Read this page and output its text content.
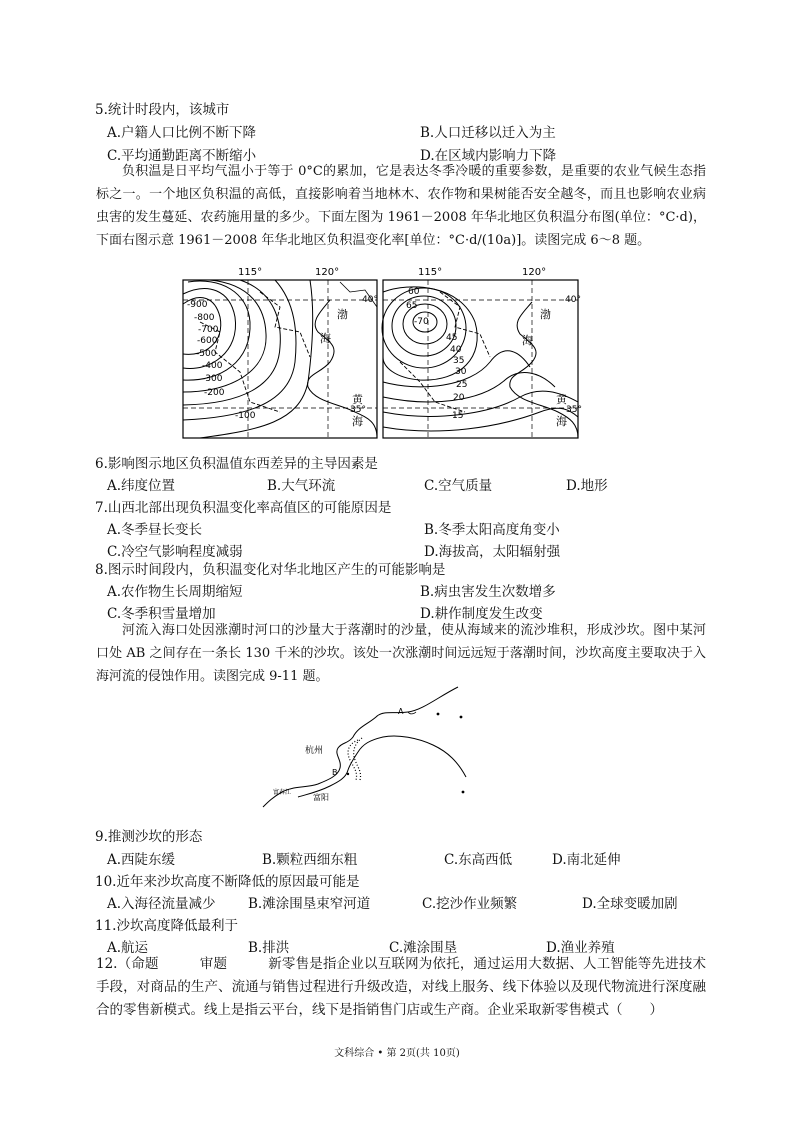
5.统计时段内，该城市
A.户籍人口比例不断下降	B.人口迁移以迁入为主
C.平均通勤距离不断缩小	D.在区域内影响力下降
负积温是日平均气温小于等于 0°C的累加，它是表达冬季冷暖的重要参数，是重要的农业气候生态指标之一。一个地区负积温的高低，直接影响着当地林木、农作物和果树能否安全越冬，而且也影响农业病虫害的发生蔓延、农药施用量的多少。下面左图为 1961－2008 年华北地区负积温分布图(单位：°C·d)，下面右图示意 1961－2008 年华北地区负积温变化率[单位：°C·d/(10a)]。读图完成 6～8 题。
115°	120°
40°
35°
-900
-800
-700
-600
-500
-400
-300
-200
-100
渤
海
黄
海
115°	120°
40°
35°
60
65
-70
45
40
35
30
25
20
15
渤
海
黄
海
6.影响图示地区负积温值东西差异的主导因素是
A.纬度位置	B.大气环流	C.空气质量	D.地形
7.山西北部出现负积温变化率高值区的可能原因是
A.冬季昼长变长	B.冬季太阳高度角变小
C.冷空气影响程度减弱	D.海拔高，太阳辐射强
8.图示时间段内，负积温变化对华北地区产生的可能影响是
A.农作物生长周期缩短	B.病虫害发生次数增多
C.冬季积雪量增加	D.耕作制度发生改变
河流入海口处因涨潮时河口的沙量大于落潮时的沙量，使从海域来的流沙堆积，形成沙坎。图中某河口处 AB 之间存在一条长 130 千米的沙坎。该处一次涨潮时间远远短于落潮时间，沙坎高度主要取决于入海河流的侵蚀作用。读图完成 9-11 题。
A
杭州
B
富阳
富春江
9.推测沙坎的形态
A.西陡东缓	B.颗粒西细东粗	C.东高西低	D.南北延伸
10.近年来沙坎高度不断降低的原因最可能是
A.入海径流量减少 B.滩涂围垦束窄河道	C.挖沙作业频繁	D.全球变暖加剧
11.沙坎高度降低最利于
A.航运	B.排洪	C.滩涂围垦	D.渔业养殖
12.（命题　　　审题　　　新零售是指企业以互联网为依托，通过运用大数据、人工智能等先进技术手段，对商品的生产、流通与销售过程进行升级改造，对线上服务、线下体验以及现代物流进行深度融合的零售新模式。线上是指云平台，线下是指销售门店或生产商。企业采取新零售模式（　　）
文科综合 • 第 2页(共 10页)
